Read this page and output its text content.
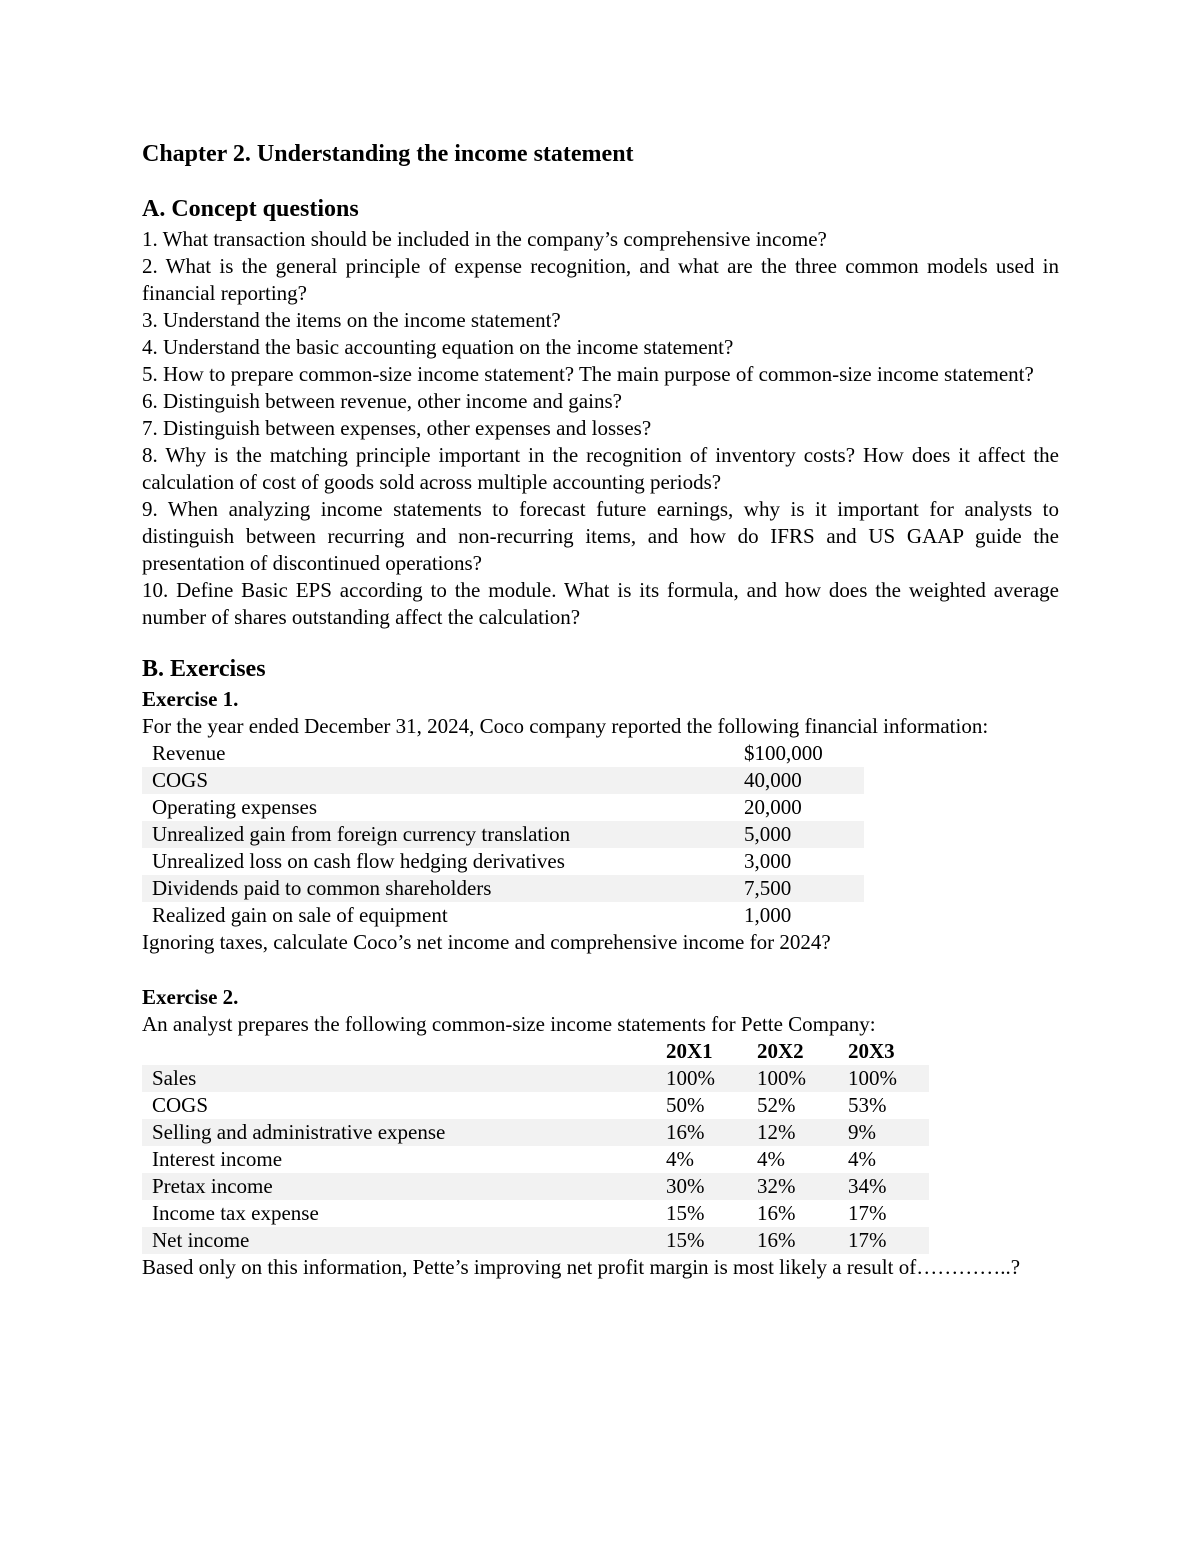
Chapter 2. Understanding the income statement
A. Concept questions
1. What transaction should be included in the company’s comprehensive income?
2. What is the general principle of expense recognition, and what are the three common models used in financial reporting?
3. Understand the items on the income statement?
4. Understand the basic accounting equation on the income statement?
5. How to prepare common-size income statement? The main purpose of common-size income statement?
6. Distinguish between revenue, other income and gains?
7. Distinguish between expenses, other expenses and losses?
8. Why is the matching principle important in the recognition of inventory costs? How does it affect the calculation of cost of goods sold across multiple accounting periods?
9. When analyzing income statements to forecast future earnings, why is it important for analysts to distinguish between recurring and non-recurring items, and how do IFRS and US GAAP guide the presentation of discontinued operations?
10. Define Basic EPS according to the module. What is its formula, and how does the weighted average number of shares outstanding affect the calculation?
B. Exercises
Exercise 1.

For the year ended December 31, 2024, Coco company reported the following financial information:

Revenue	$100,000
COGS	40,000
Operating expenses	20,000
Unrealized gain from foreign currency translation	5,000
Unrealized loss on cash flow hedging derivatives	3,000
Dividends paid to common shareholders	7,500
Realized gain on sale of equipment	1,000

Ignoring taxes, calculate Coco’s net income and comprehensive income for 2024?

Exercise 2.

An analyst prepares the following common-size income statements for Pette Company:

	20X1	20X2	20X3
Sales	100%	100%	100%
COGS	50%	52%	53%
Selling and administrative expense	16%	12%	9%
Interest income	4%	4%	4%
Pretax income	30%	32%	34%
Income tax expense	15%	16%	17%
Net income	15%	16%	17%

Based only on this information, Pette’s improving net profit margin is most likely a result of…………..?
